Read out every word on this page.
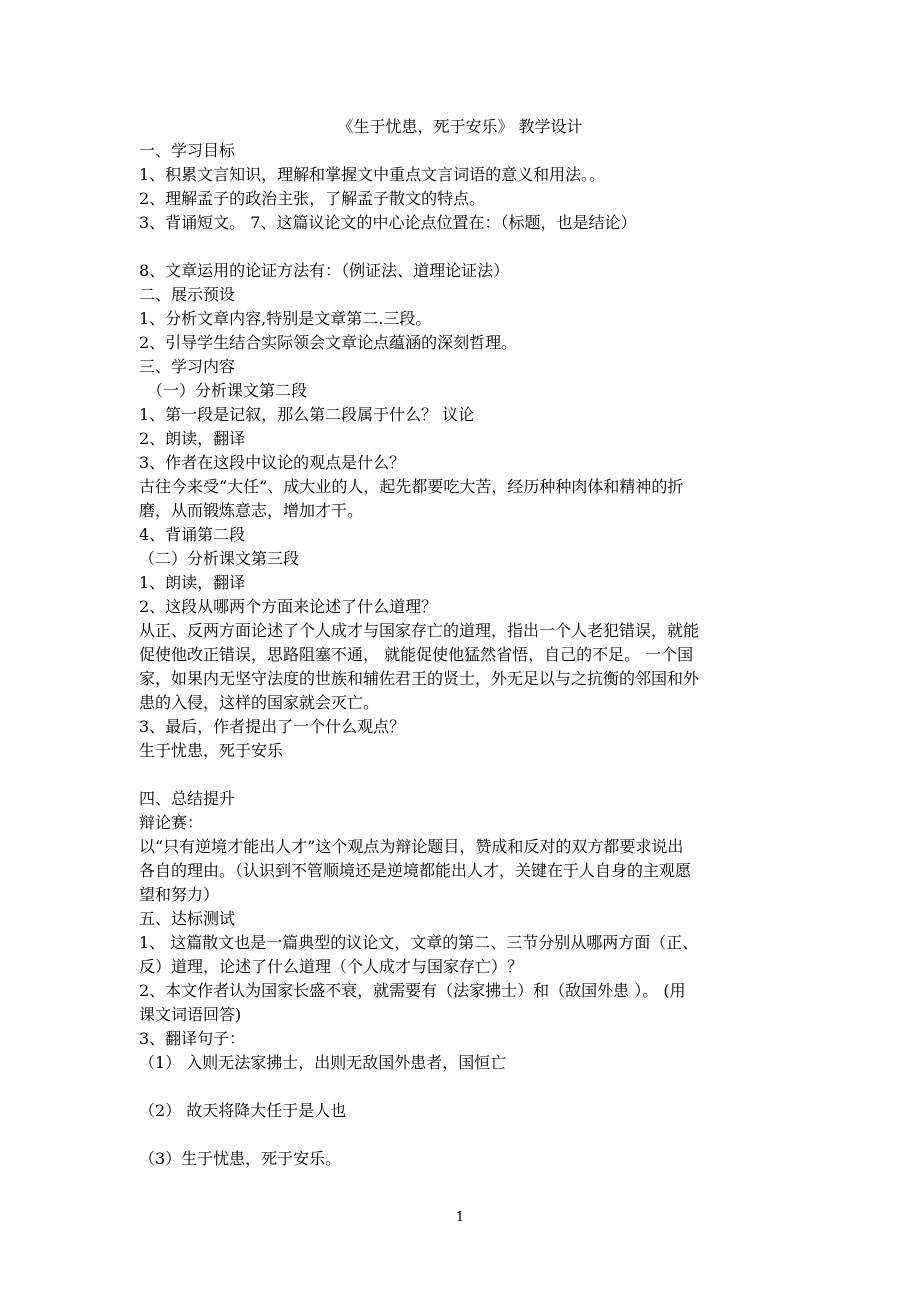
《生于忧患，死于安乐》 教学设计
一、学习目标
1、积累文言知识，理解和掌握文中重点文言词语的意义和用法。。
2、理解孟子的政治主张，了解孟子散文的特点。
3、背诵短文。 7、这篇议论文的中心论点位置在：（标题，也是结论）
8、文章运用的论证方法有：（例证法、道理论证法）
二、展示预设
1、分析文章内容,特别是文章第二.三段。
2、引导学生结合实际领会文章论点蕴涵的深刻哲理。
三、学习内容
（一）分析课文第二段
1、第一段是记叙，那么第二段属于什么？ 议论
2、朗读，翻译
3、作者在这段中议论的观点是什么？
古往今来受“大任”、成大业的人，起先都要吃大苦，经历种种肉体和精神的折
磨，从而锻炼意志，增加才干。
4、背诵第二段
（二）分析课文第三段
1、朗读，翻译
2、这段从哪两个方面来论述了什么道理？
从正、反两方面论述了个人成才与国家存亡的道理，指出一个人老犯错误，就能
促使他改正错误，思路阻塞不通， 就能促使他猛然省悟，自己的不足。 一个国
家，如果内无坚守法度的世族和辅佐君王的贤士，外无足以与之抗衡的邻国和外
患的入侵，这样的国家就会灭亡。
3、最后，作者提出了一个什么观点？
生于忧患，死于安乐
四、总结提升
辩论赛：
以“只有逆境才能出人才”这个观点为辩论题目，赞成和反对的双方都要求说出
各自的理由。（认识到不管顺境还是逆境都能出人才，关键在于人自身的主观愿
望和努力）
五、达标测试
1、 这篇散文也是一篇典型的议论文，文章的第二、三节分别从哪两方面（正、
反）道理，论述了什么道理（个人成才与国家存亡）？
2、本文作者认为国家长盛不衰，就需要有（法家拂士）和（敌国外患 ）。 (用
课文词语回答)
3、翻译句子：
（1） 入则无法家拂士，出则无敌国外患者，国恒亡
（2） 故天将降大任于是人也
（3）生于忧患，死于安乐。
1
